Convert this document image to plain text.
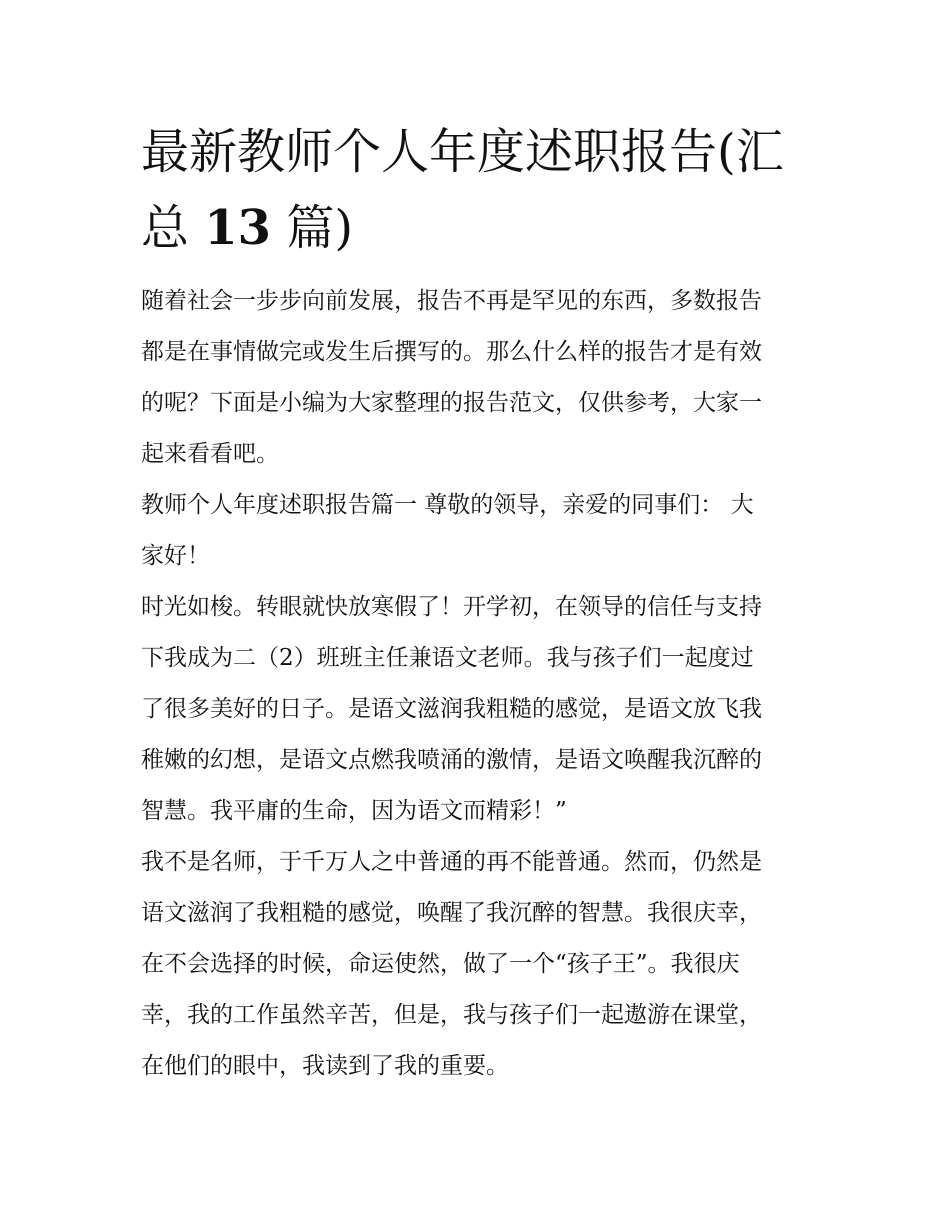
最新教师个人年度述职报告(汇
总 13 篇)

随着社会一步步向前发展，报告不再是罕见的东西，多数报告
都是在事情做完或发生后撰写的。那么什么样的报告才是有效
的呢？下面是小编为大家整理的报告范文，仅供参考，大家一
起来看看吧。

教师个人年度述职报告篇一 尊敬的领导，亲爱的同事们： 大
家好！

时光如梭。转眼就快放寒假了！开学初，在领导的信任与支持
下我成为二（2）班班主任兼语文老师。我与孩子们一起度过
了很多美好的日子。是语文滋润我粗糙的感觉，是语文放飞我
稚嫩的幻想，是语文点燃我喷涌的激情，是语文唤醒我沉醉的
智慧。我平庸的生命，因为语文而精彩！”

我不是名师，于千万人之中普通的再不能普通。然而，仍然是
语文滋润了我粗糙的感觉，唤醒了我沉醉的智慧。我很庆幸，
在不会选择的时候，命运使然，做了一个“孩子王”。我很庆
幸，我的工作虽然辛苦，但是，我与孩子们一起遨游在课堂，
在他们的眼中，我读到了我的重要。
